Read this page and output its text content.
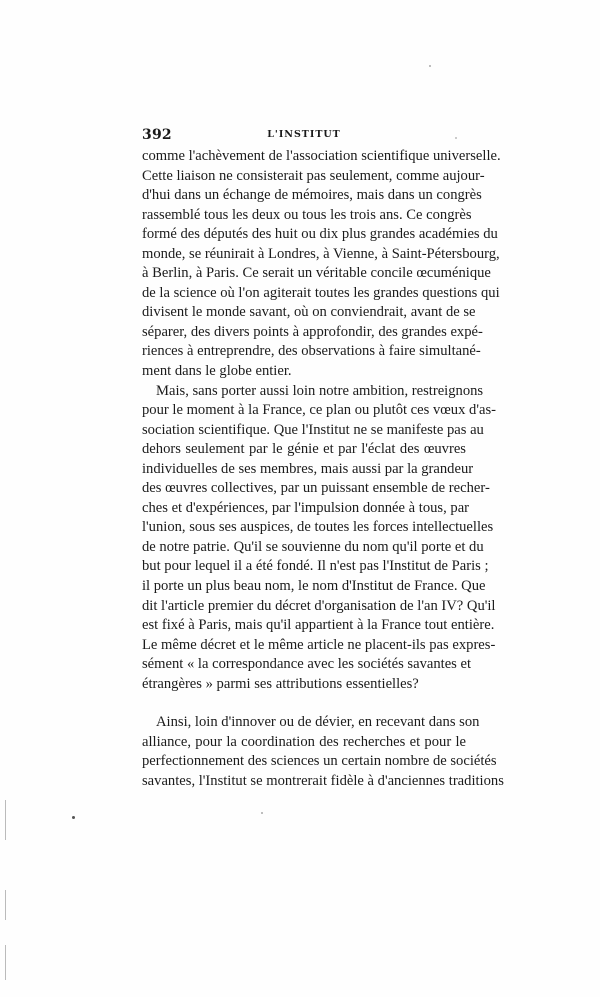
392	L'INSTITUT
comme l'achèvement de l'association scientifique universelle.
Cette liaison ne consisterait pas seulement, comme aujour-
d'hui dans un échange de mémoires, mais dans un congrès
rassemblé tous les deux ou tous les trois ans. Ce congrès
formé des députés des huit ou dix plus grandes académies du
monde, se réunirait à Londres, à Vienne, à Saint-Pétersbourg,
à Berlin, à Paris. Ce serait un véritable concile œcuménique
de la science où l'on agiterait toutes les grandes questions qui
divisent le monde savant, où on conviendrait, avant de se
séparer, des divers points à approfondir, des grandes expé-
riences à entreprendre, des observations à faire simultané-
ment dans le globe entier.
Mais, sans porter aussi loin notre ambition, restreignons
pour le moment à la France, ce plan ou plutôt ces vœux d'as-
sociation scientifique. Que l'Institut ne se manifeste pas au
dehors seulement par le génie et par l'éclat des œuvres
individuelles de ses membres, mais aussi par la grandeur
des œuvres collectives, par un puissant ensemble de recher-
ches et d'expériences, par l'impulsion donnée à tous, par
l'union, sous ses auspices, de toutes les forces intellectuelles
de notre patrie. Qu'il se souvienne du nom qu'il porte et du
but pour lequel il a été fondé. Il n'est pas l'Institut de Paris ;
il porte un plus beau nom, le nom d'Institut de France. Que
dit l'article premier du décret d'organisation de l'an IV? Qu'il
est fixé à Paris, mais qu'il appartient à la France tout entière.
Le même décret et le même article ne placent-ils pas expres-
sément « la correspondance avec les sociétés savantes et
étrangères » parmi ses attributions essentielles?
Ainsi, loin d'innover ou de dévier, en recevant dans son
alliance, pour la coordination des recherches et pour le
perfectionnement des sciences un certain nombre de sociétés
savantes, l'Institut se montrerait fidèle à d'anciennes traditions
